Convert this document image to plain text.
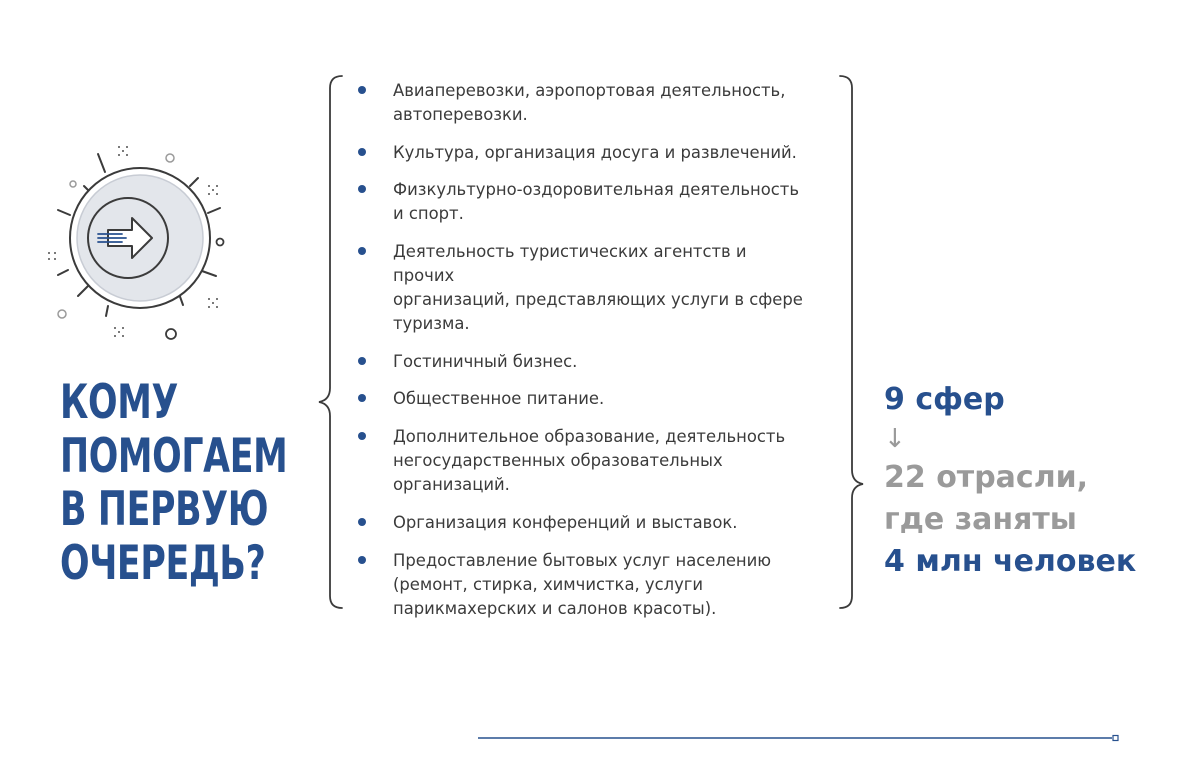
КОМУ
ПОМОГАЕМ
В ПЕРВУЮ
ОЧЕРЕДЬ?
Авиаперевозки, аэропортовая деятельность,
автоперевозки.
Культура, организация досуга и развлечений.
Физкультурно-оздоровительная деятельность
и спорт.
Деятельность туристических агентств и прочих
организаций, представляющих услуги в сфере
туризма.
Гостиничный бизнес.
Общественное питание.
Дополнительное образование, деятельность
негосударственных образовательных
организаций.
Организация конференций и выставок.
Предоставление бытовых услуг населению
(ремонт, стирка, химчистка, услуги
парикмахерских и салонов красоты).
9 сфер
↓
22 отрасли,
где заняты
4 млн человек
